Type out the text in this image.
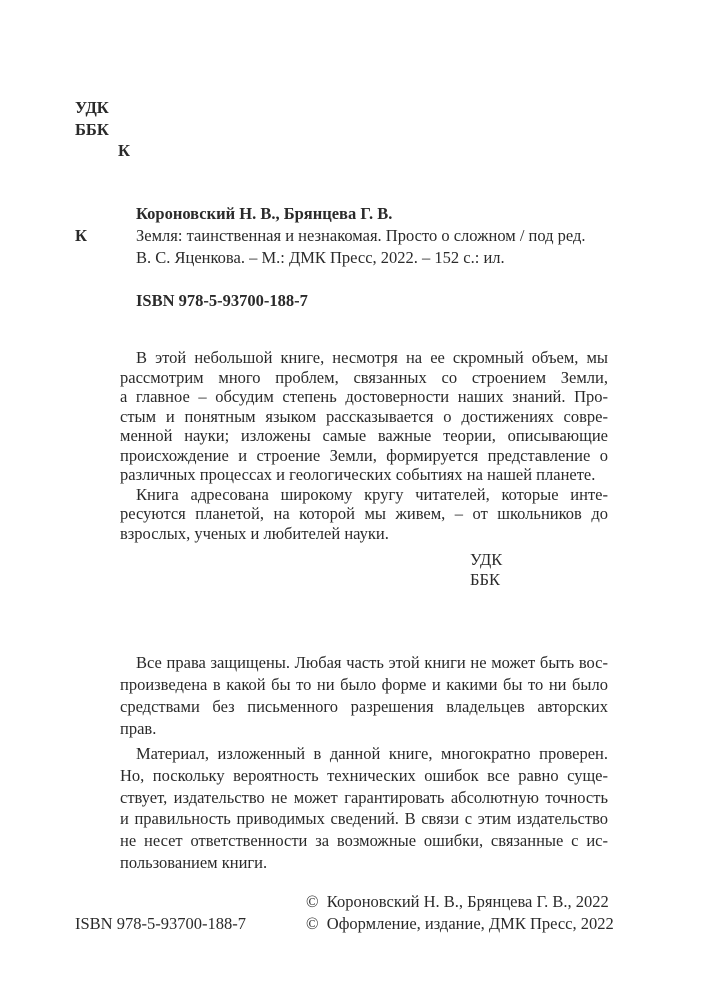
УДК
ББК
К
Короновский Н. В., Брянцева Г. В.
К	Земля: таинственная и незнакомая. Просто о сложном / под ред.
В. С. Яценкова. – М.: ДМК Пресс, 2022. – 152 с.: ил.
ISBN 978-5-93700-188-7
В этой небольшой книге, несмотря на ее скромный объем, мы
рассмотрим много проблем, связанных со строением Земли,
а главное – обсудим степень достоверности наших знаний. Про-
стым и понятным языком рассказывается о достижениях совре-
менной науки; изложены самые важные теории, описывающие
происхождение и строение Земли, формируется представление о
различных процессах и геологических событиях на нашей планете.
Книга адресована широкому кругу читателей, которые инте-
ресуются планетой, на которой мы живем, – от школьников до
взрослых, ученых и любителей науки.
УДК
ББК
Все права защищены. Любая часть этой книги не может быть вос-
произведена в какой бы то ни было форме и какими бы то ни было
средствами без письменного разрешения владельцев авторских
прав.
Материал, изложенный в данной книге, многократно проверен.
Но, поскольку вероятность технических ошибок все равно суще-
ствует, издательство не может гарантировать абсолютную точность
и правильность приводимых сведений. В связи с этим издательство
не несет ответственности за возможные ошибки, связанные с ис-
пользованием книги.
ISBN 978-5-93700-188-7
© Короновский Н. В., Брянцева Г. В., 2022
© Оформление, издание, ДМК Пресс, 2022
